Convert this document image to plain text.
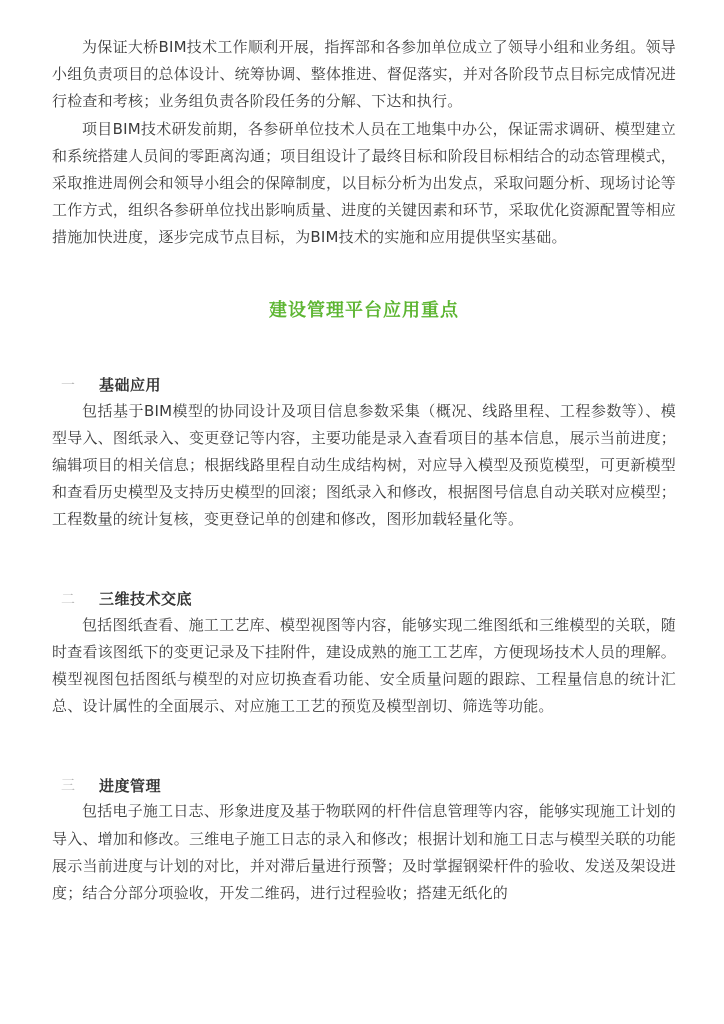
为保证大桥BIM技术工作顺利开展，指挥部和各参加单位成立了领导小组和业务组。领导小组负责项目的总体设计、统筹协调、整体推进、督促落实，并对各阶段节点目标完成情况进行检查和考核；业务组负责各阶段任务的分解、下达和执行。

项目BIM技术研发前期，各参研单位技术人员在工地集中办公，保证需求调研、模型建立和系统搭建人员间的零距离沟通；项目组设计了最终目标和阶段目标相结合的动态管理模式，采取推进周例会和领导小组会的保障制度，以目标分析为出发点，采取问题分析、现场讨论等工作方式，组织各参研单位找出影响质量、进度的关键因素和环节，采取优化资源配置等相应措施加快进度，逐步完成节点目标，为BIM技术的实施和应用提供坚实基础。

建设管理平台应用重点
一	基础应用

包括基于BIM模型的协同设计及项目信息参数采集（概况、线路里程、工程参数等）、模型导入、图纸录入、变更登记等内容，主要功能是录入查看项目的基本信息，展示当前进度；编辑项目的相关信息；根据线路里程自动生成结构树，对应导入模型及预览模型，可更新模型和查看历史模型及支持历史模型的回滚；图纸录入和修改，根据图号信息自动关联对应模型；工程数量的统计复核，变更登记单的创建和修改，图形加载轻量化等。

二	三维技术交底

包括图纸查看、施工工艺库、模型视图等内容，能够实现二维图纸和三维模型的关联，随时查看该图纸下的变更记录及下挂附件，建设成熟的施工工艺库，方便现场技术人员的理解。模型视图包括图纸与模型的对应切换查看功能、安全质量问题的跟踪、工程量信息的统计汇总、设计属性的全面展示、对应施工工艺的预览及模型剖切、筛选等功能。

三	进度管理

包括电子施工日志、形象进度及基于物联网的杆件信息管理等内容，能够实现施工计划的导入、增加和修改。三维电子施工日志的录入和修改；根据计划和施工日志与模型关联的功能展示当前进度与计划的对比，并对滞后量进行预警；及时掌握钢梁杆件的验收、发送及架设进度；结合分部分项验收，开发二维码，进行过程验收；搭建无纸化的
